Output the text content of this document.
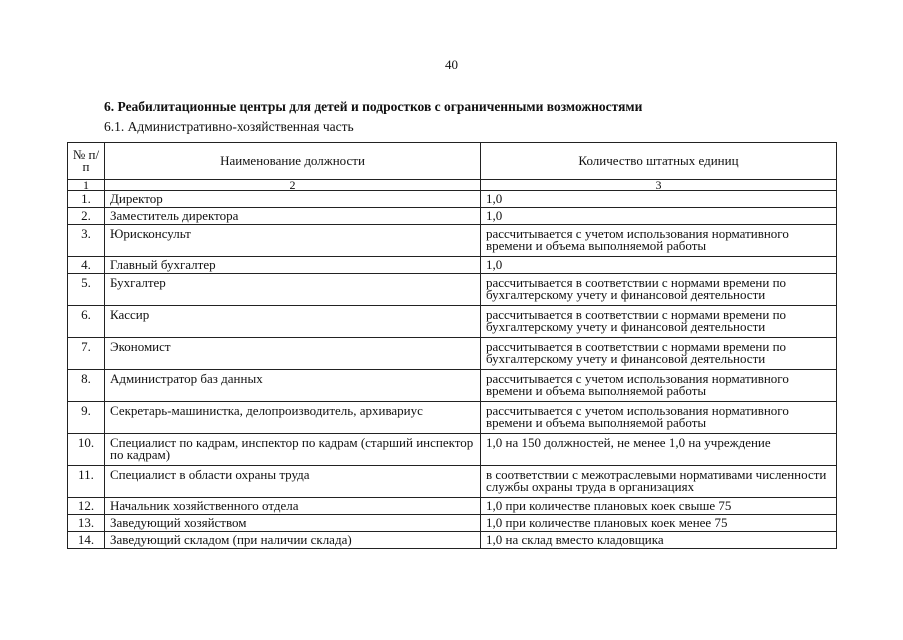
40
6. Реабилитационные центры для детей и подростков с ограниченными возможностями
6.1. Административно-хозяйственная часть
№ п/п	Наименование должности	Количество штатных единиц
1	2	3
1.	Директор	1,0
2.	Заместитель директора	1,0
3.	Юрисконсульт	рассчитывается с учетом использования нормативного времени и объема выполняемой работы
4.	Главный бухгалтер	1,0
5.	Бухгалтер	рассчитывается в соответствии с нормами времени по бухгалтерскому учету и финансовой деятельности
6.	Кассир	рассчитывается в соответствии с нормами времени по бухгалтерскому учету и финансовой деятельности
7.	Экономист	рассчитывается в соответствии с нормами времени по бухгалтерскому учету и финансовой деятельности
8.	Администратор баз данных	рассчитывается с учетом использования нормативного времени и объема выполняемой работы
9.	Секретарь-машинистка, делопроизводитель, архивариус	рассчитывается с учетом использования нормативного времени и объема выполняемой работы
10.	Специалист по кадрам, инспектор по кадрам (старший инспектор по кадрам)	1,0 на 150 должностей, не менее 1,0 на учреждение
11.	Специалист в области охраны труда	в соответствии с межотраслевыми нормативами численности службы охраны труда в организациях
12.	Начальник хозяйственного отдела	1,0 при количестве плановых коек свыше 75
13.	Заведующий хозяйством	1,0 при количестве плановых коек менее 75
14.	Заведующий складом (при наличии склада)	1,0 на склад вместо кладовщика
